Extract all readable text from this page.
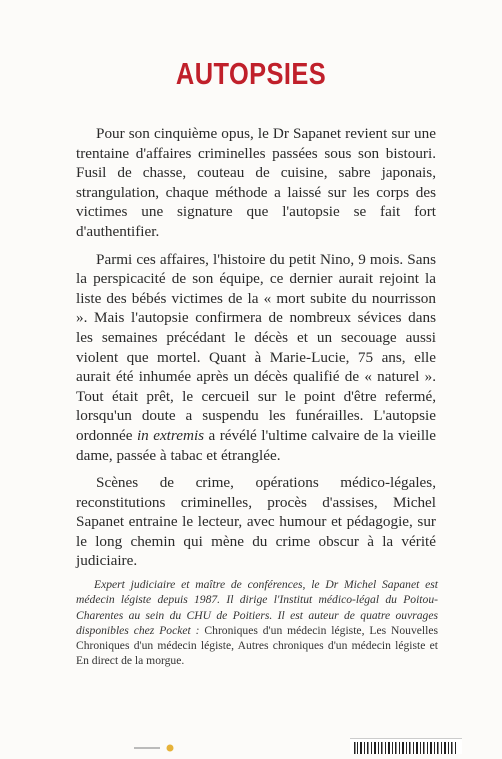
AUTOPSIES

Pour son cinquième opus, le Dr Sapanet revient sur une trentaine d'affaires criminelles passées sous son bistouri. Fusil de chasse, couteau de cuisine, sabre japonais, strangulation, chaque méthode a laissé sur les corps des victimes une signature que l'autopsie se fait fort d'authentifier.

Parmi ces affaires, l'histoire du petit Nino, 9 mois. Sans la perspicacité de son équipe, ce dernier aurait rejoint la liste des bébés victimes de la « mort subite du nourrisson ». Mais l'autopsie confirmera de nombreux sévices dans les semaines précédant le décès et un secouage aussi violent que mortel. Quant à Marie-Lucie, 75 ans, elle aurait été inhumée après un décès qualifié de « naturel ». Tout était prêt, le cercueil sur le point d'être refermé, lorsqu'un doute a suspendu les funérailles. L'autopsie ordonnée in extremis a révélé l'ultime calvaire de la vieille dame, passée à tabac et étranglée.

Scènes de crime, opérations médico-légales, reconstitutions criminelles, procès d'assises, Michel Sapanet entraine le lecteur, avec humour et pédagogie, sur le long chemin qui mène du crime obscur à la vérité judiciaire.

Expert judiciaire et maître de conférences, le Dr Michel Sapanet est médecin légiste depuis 1987. Il dirige l'Institut médico-légal du Poitou-Charentes au sein du CHU de Poitiers. Il est auteur de quatre ouvrages disponibles chez Pocket : Chroniques d'un médecin légiste, Les Nouvelles Chroniques d'un médecin légiste, Autres chroniques d'un médecin légiste et En direct de la morgue.
